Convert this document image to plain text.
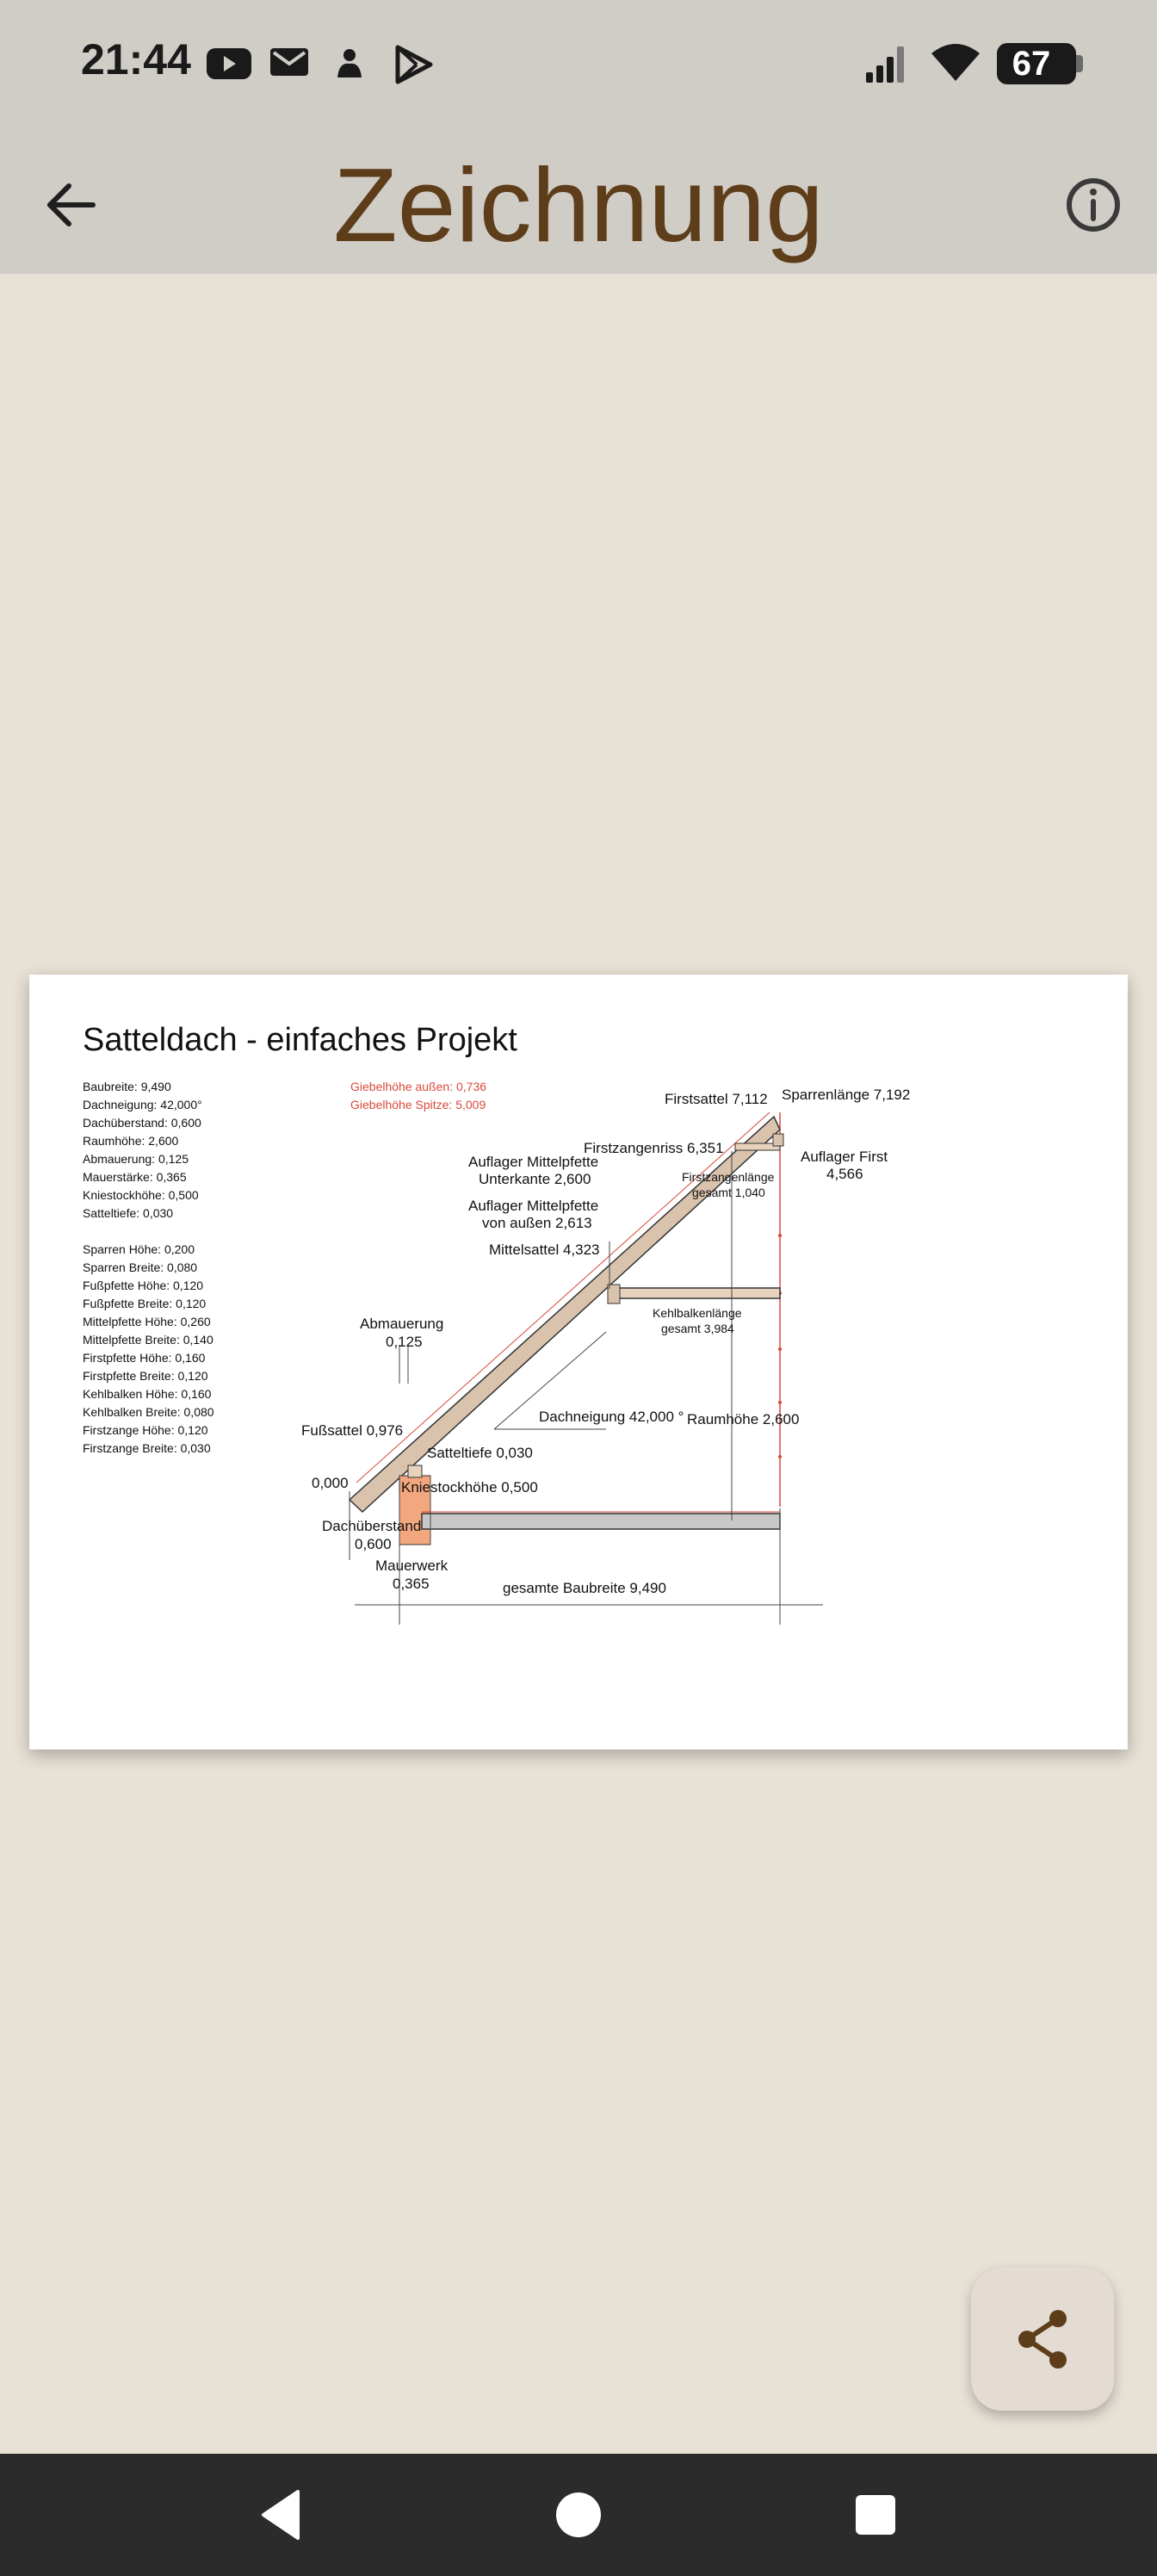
21:44	67
Zeichnung
Satteldach - einfaches Projekt
Baubreite: 9,490
Dachneigung: 42,000°
Dachüberstand: 0,600
Raumhöhe: 2,600
Abmauerung: 0,125
Mauerstärke: 0,365
Kniestockhöhe: 0,500
Satteltiefe: 0,030
Sparren Höhe: 0,200
Sparren Breite: 0,080
Fußpfette Höhe: 0,120
Fußpfette Breite: 0,120
Mittelpfette Höhe: 0,260
Mittelpfette Breite: 0,140
Firstpfette Höhe: 0,160
Firstpfette Breite: 0,120
Kehlbalken Höhe: 0,160
Kehlbalken Breite: 0,080
Firstzange Höhe: 0,120
Firstzange Breite: 0,030
Giebelhöhe außen: 0,736
Giebelhöhe Spitze: 5,009	Firstsattel 7,112 Sparrenlänge 7,192
Firstzangenriss 6,351
Auflager First
4,566
Auflager Mittelpfette
Unterkante 2,600
Auflager Mittelpfette
von außen 2,613
Mittelsattel 4,323
Abmauerung
0,125
Dachneigung 42,000 ° Raumhöhe 2,600
Fußsattel 0,976
Satteltiefe 0,030
0,000	Kniestockhöhe 0,500
Dachüberstand
0,600
Mauerwerk
0,365	gesamte Baubreite 9,490
Firstzangenlänge
gesamt 1,040
Kehlbalkenlänge
gesamt 3,984
